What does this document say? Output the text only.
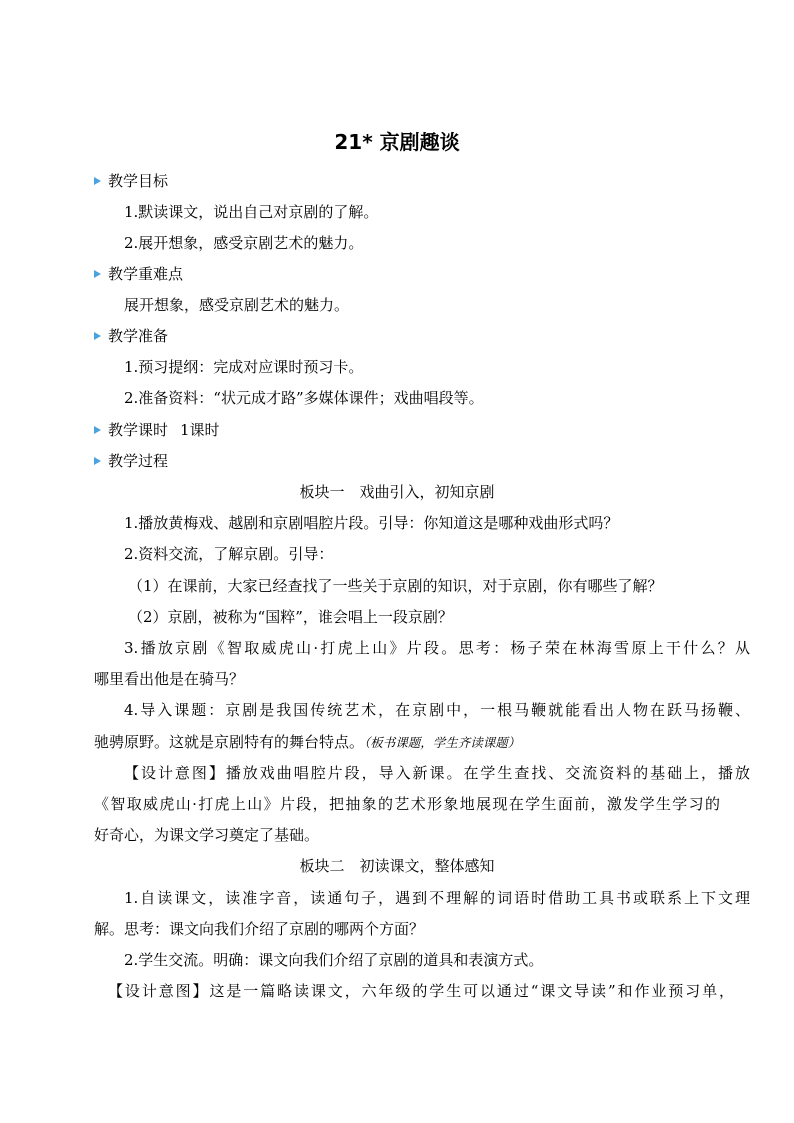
21* 京剧趣谈
教学目标
1.默读课文，说出自己对京剧的了解。
2.展开想象，感受京剧艺术的魅力。
教学重难点
展开想象，感受京剧艺术的魅力。
教学准备
1.预习提纲：完成对应课时预习卡。
2.准备资料：“状元成才路”多媒体课件；戏曲唱段等。
教学课时 1课时
教学过程
板块一　戏曲引入，初知京剧
1.播放黄梅戏、越剧和京剧唱腔片段。引导：你知道这是哪种戏曲形式吗？
2.资料交流，了解京剧。引导：
（1）在课前，大家已经查找了一些关于京剧的知识，对于京剧，你有哪些了解？
（2）京剧，被称为“国粹”，谁会唱上一段京剧？
3.播放京剧《智取威虎山·打虎上山》片段。思考：杨子荣在林海雪原上干什么？从
哪里看出他是在骑马？
4.导入课题：京剧是我国传统艺术，在京剧中，一根马鞭就能看出人物在跃马扬鞭、
驰骋原野。这就是京剧特有的舞台特点。（板书课题，学生齐读课题）
【设计意图】播放戏曲唱腔片段，导入新课。在学生查找、交流资料的基础上，播放
《智取威虎山·打虎上山》片段，把抽象的艺术形象地展现在学生面前，激发学生学习的
好奇心，为课文学习奠定了基础。
板块二　初读课文，整体感知
1.自读课文，读准字音，读通句子，遇到不理解的词语时借助工具书或联系上下文理
解。思考：课文向我们介绍了京剧的哪两个方面？
2.学生交流。明确：课文向我们介绍了京剧的道具和表演方式。
【设计意图】这是一篇略读课文，六年级的学生可以通过“课文导读”和作业预习单，
